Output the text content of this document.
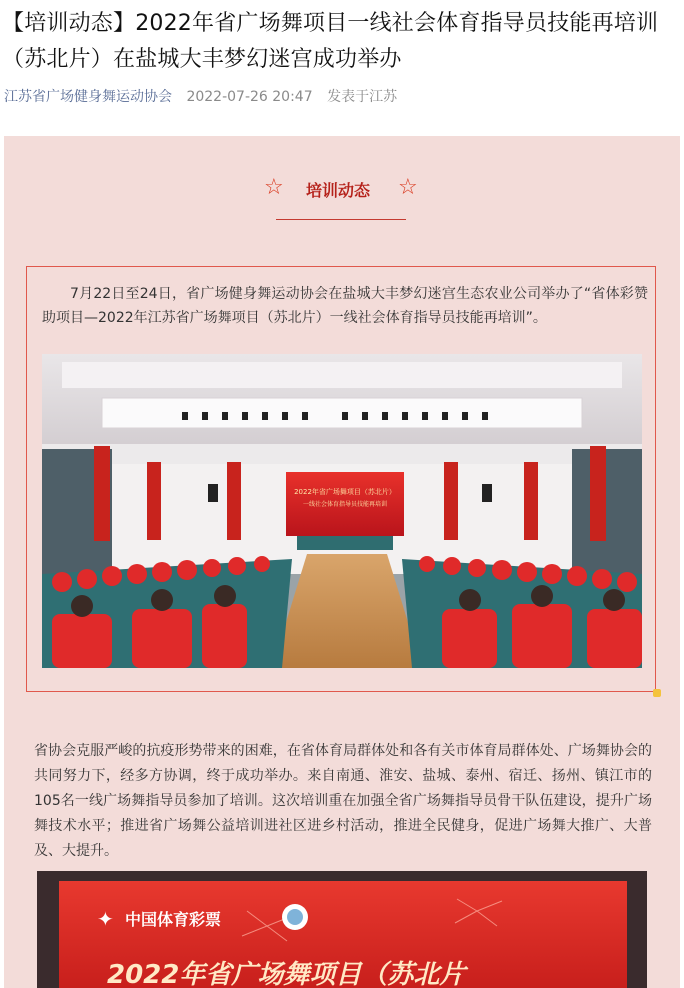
【培训动态】2022年省广场舞项目一线社会体育指导员技能再培训（苏北片）在盐城大丰梦幻迷宫成功举办
江苏省广场健身舞运动协会 2022-07-26 20:47 发表于江苏
☆	培训动态	☆

7月22日至24日，省广场健身舞运动协会在盐城大丰梦幻迷宫生态农业公司举办了“省体彩赞助项目—2022年江苏省广场舞项目（苏北片）一线社会体育指导员技能再培训”。

2022年省广场舞项目（苏北片）
一线社会体育指导员技能再培训

省协会克服严峻的抗疫形势带来的困难，在省体育局群体处和各有关市体育局群体处、广场舞协会的共同努力下，经多方协调，终于成功举办。来自南通、淮安、盐城、泰州、宿迁、扬州、镇江市的105名一线广场舞指导员参加了培训。这次培训重在加强全省广场舞指导员骨干队伍建设，提升广场舞技术水平；推进省广场舞公益培训进社区进乡村活动，推进全民健身，促进广场舞大推广、大普及、大提升。

✦ 中国体育彩票
2022年省广场舞项目（苏北片
